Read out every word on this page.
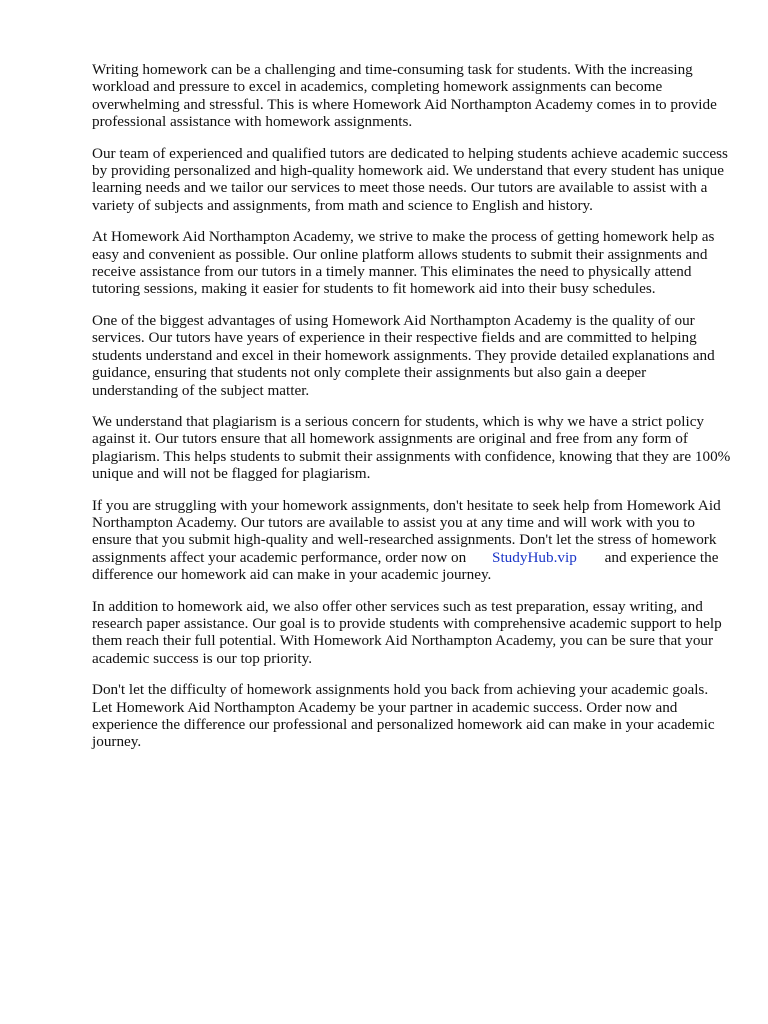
Writing homework can be a challenging and time-consuming task for students. With the increasing workload and pressure to excel in academics, completing homework assignments can become overwhelming and stressful. This is where Homework Aid Northampton Academy comes in to provide professional assistance with homework assignments.

Our team of experienced and qualified tutors are dedicated to helping students achieve academic success by providing personalized and high-quality homework aid. We understand that every student has unique learning needs and we tailor our services to meet those needs. Our tutors are available to assist with a variety of subjects and assignments, from math and science to English and history.

At Homework Aid Northampton Academy, we strive to make the process of getting homework help as easy and convenient as possible. Our online platform allows students to submit their assignments and receive assistance from our tutors in a timely manner. This eliminates the need to physically attend tutoring sessions, making it easier for students to fit homework aid into their busy schedules.

One of the biggest advantages of using Homework Aid Northampton Academy is the quality of our services. Our tutors have years of experience in their respective fields and are committed to helping students understand and excel in their homework assignments. They provide detailed explanations and guidance, ensuring that students not only complete their assignments but also gain a deeper understanding of the subject matter.

We understand that plagiarism is a serious concern for students, which is why we have a strict policy against it. Our tutors ensure that all homework assignments are original and free from any form of plagiarism. This helps students to submit their assignments with confidence, knowing that they are 100% unique and will not be flagged for plagiarism.

If you are struggling with your homework assignments, don't hesitate to seek help from Homework Aid Northampton Academy. Our tutors are available to assist you at any time and will work with you to ensure that you submit high-quality and well-researched assignments. Don't let the stress of homework assignments affect your academic performance, order now on StudyHub.vip and experience the difference our homework aid can make in your academic journey.

In addition to homework aid, we also offer other services such as test preparation, essay writing, and research paper assistance. Our goal is to provide students with comprehensive academic support to help them reach their full potential. With Homework Aid Northampton Academy, you can be sure that your academic success is our top priority.

Don't let the difficulty of homework assignments hold you back from achieving your academic goals. Let Homework Aid Northampton Academy be your partner in academic success. Order now and experience the difference our professional and personalized homework aid can make in your academic journey.
